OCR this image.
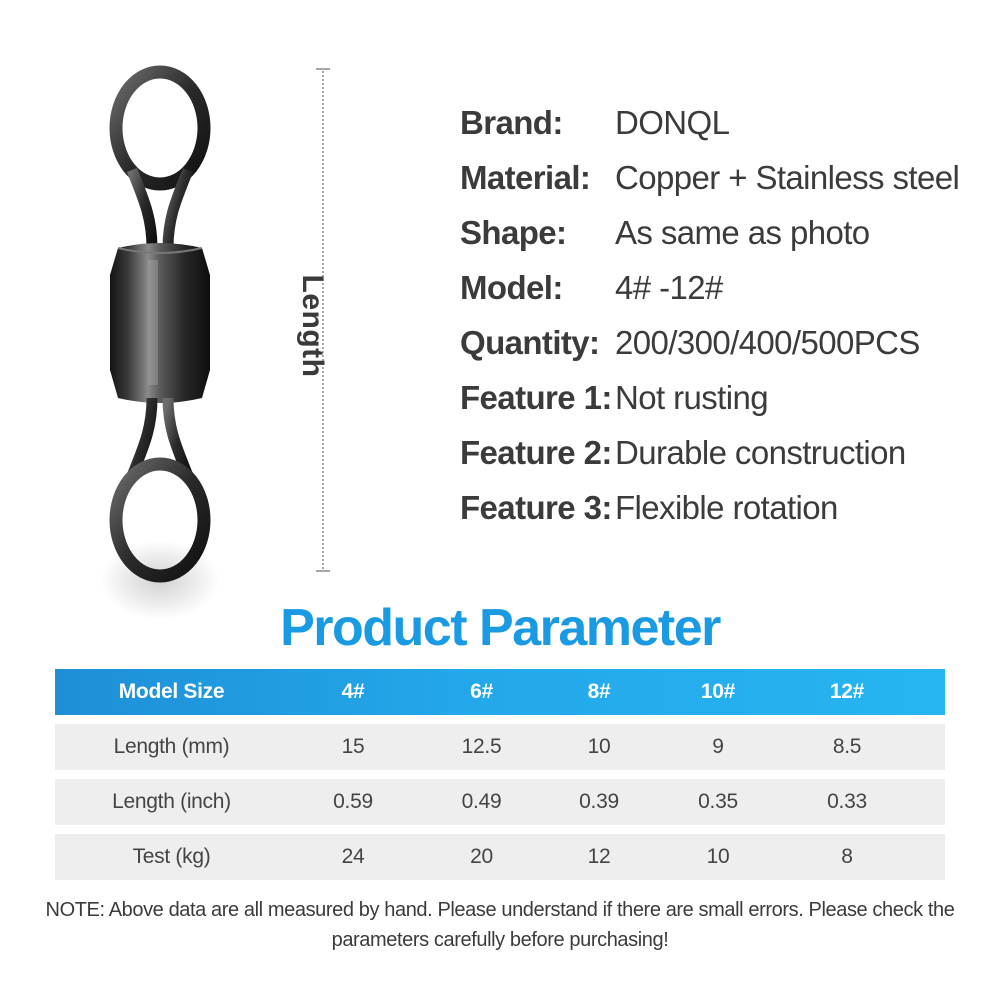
Length
Brand:	DONQL
Material: Copper + Stainless steel
Shape:	As same as photo
Model:	4# -12#
Quantity: 200/300/400/500PCS
Feature 1: Not rusting
Feature 2: Durable construction
Feature 3: Flexible rotation
Product Parameter
Model Size	4#	6#	8#	10#	12#
Length (mm)	15	12.5	10	9	8.5
Length (inch)	0.59	0.49	0.39	0.35	0.33
Test (kg)	24	20	12	10	8
NOTE: Above data are all measured by hand. Please understand if there are small errors. Please check the parameters carefully before purchasing!
